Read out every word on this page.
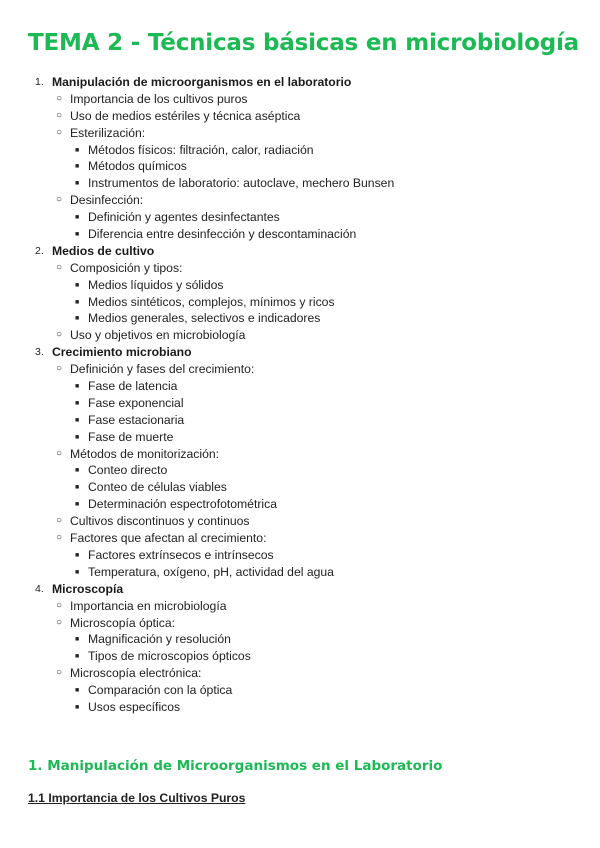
TEMA 2 - Técnicas básicas en microbiología
1. Manipulación de microorganismos en el laboratorio
○ Importancia de los cultivos puros
○ Uso de medios estériles y técnica aséptica
○ Esterilización:
■ Métodos físicos: filtración, calor, radiación
■ Métodos químicos
■ Instrumentos de laboratorio: autoclave, mechero Bunsen
○ Desinfección:
■ Definición y agentes desinfectantes
■ Diferencia entre desinfección y descontaminación
2. Medios de cultivo
○ Composición y tipos:
■ Medios líquidos y sólidos
■ Medios sintéticos, complejos, mínimos y ricos
■ Medios generales, selectivos e indicadores
○ Uso y objetivos en microbiología
3. Crecimiento microbiano
○ Definición y fases del crecimiento:
■ Fase de latencia
■ Fase exponencial
■ Fase estacionaria
■ Fase de muerte
○ Métodos de monitorización:
■ Conteo directo
■ Conteo de células viables
■ Determinación espectrofotométrica
○ Cultivos discontinuos y continuos
○ Factores que afectan al crecimiento:
■ Factores extrínsecos e intrínsecos
■ Temperatura, oxígeno, pH, actividad del agua
4. Microscopía
○ Importancia en microbiología
○ Microscopía óptica:
■ Magnificación y resolución
■ Tipos de microscopios ópticos
○ Microscopía electrónica:
■ Comparación con la óptica
■ Usos específicos
1. Manipulación de Microorganismos en el Laboratorio
1.1 Importancia de los Cultivos Puros
